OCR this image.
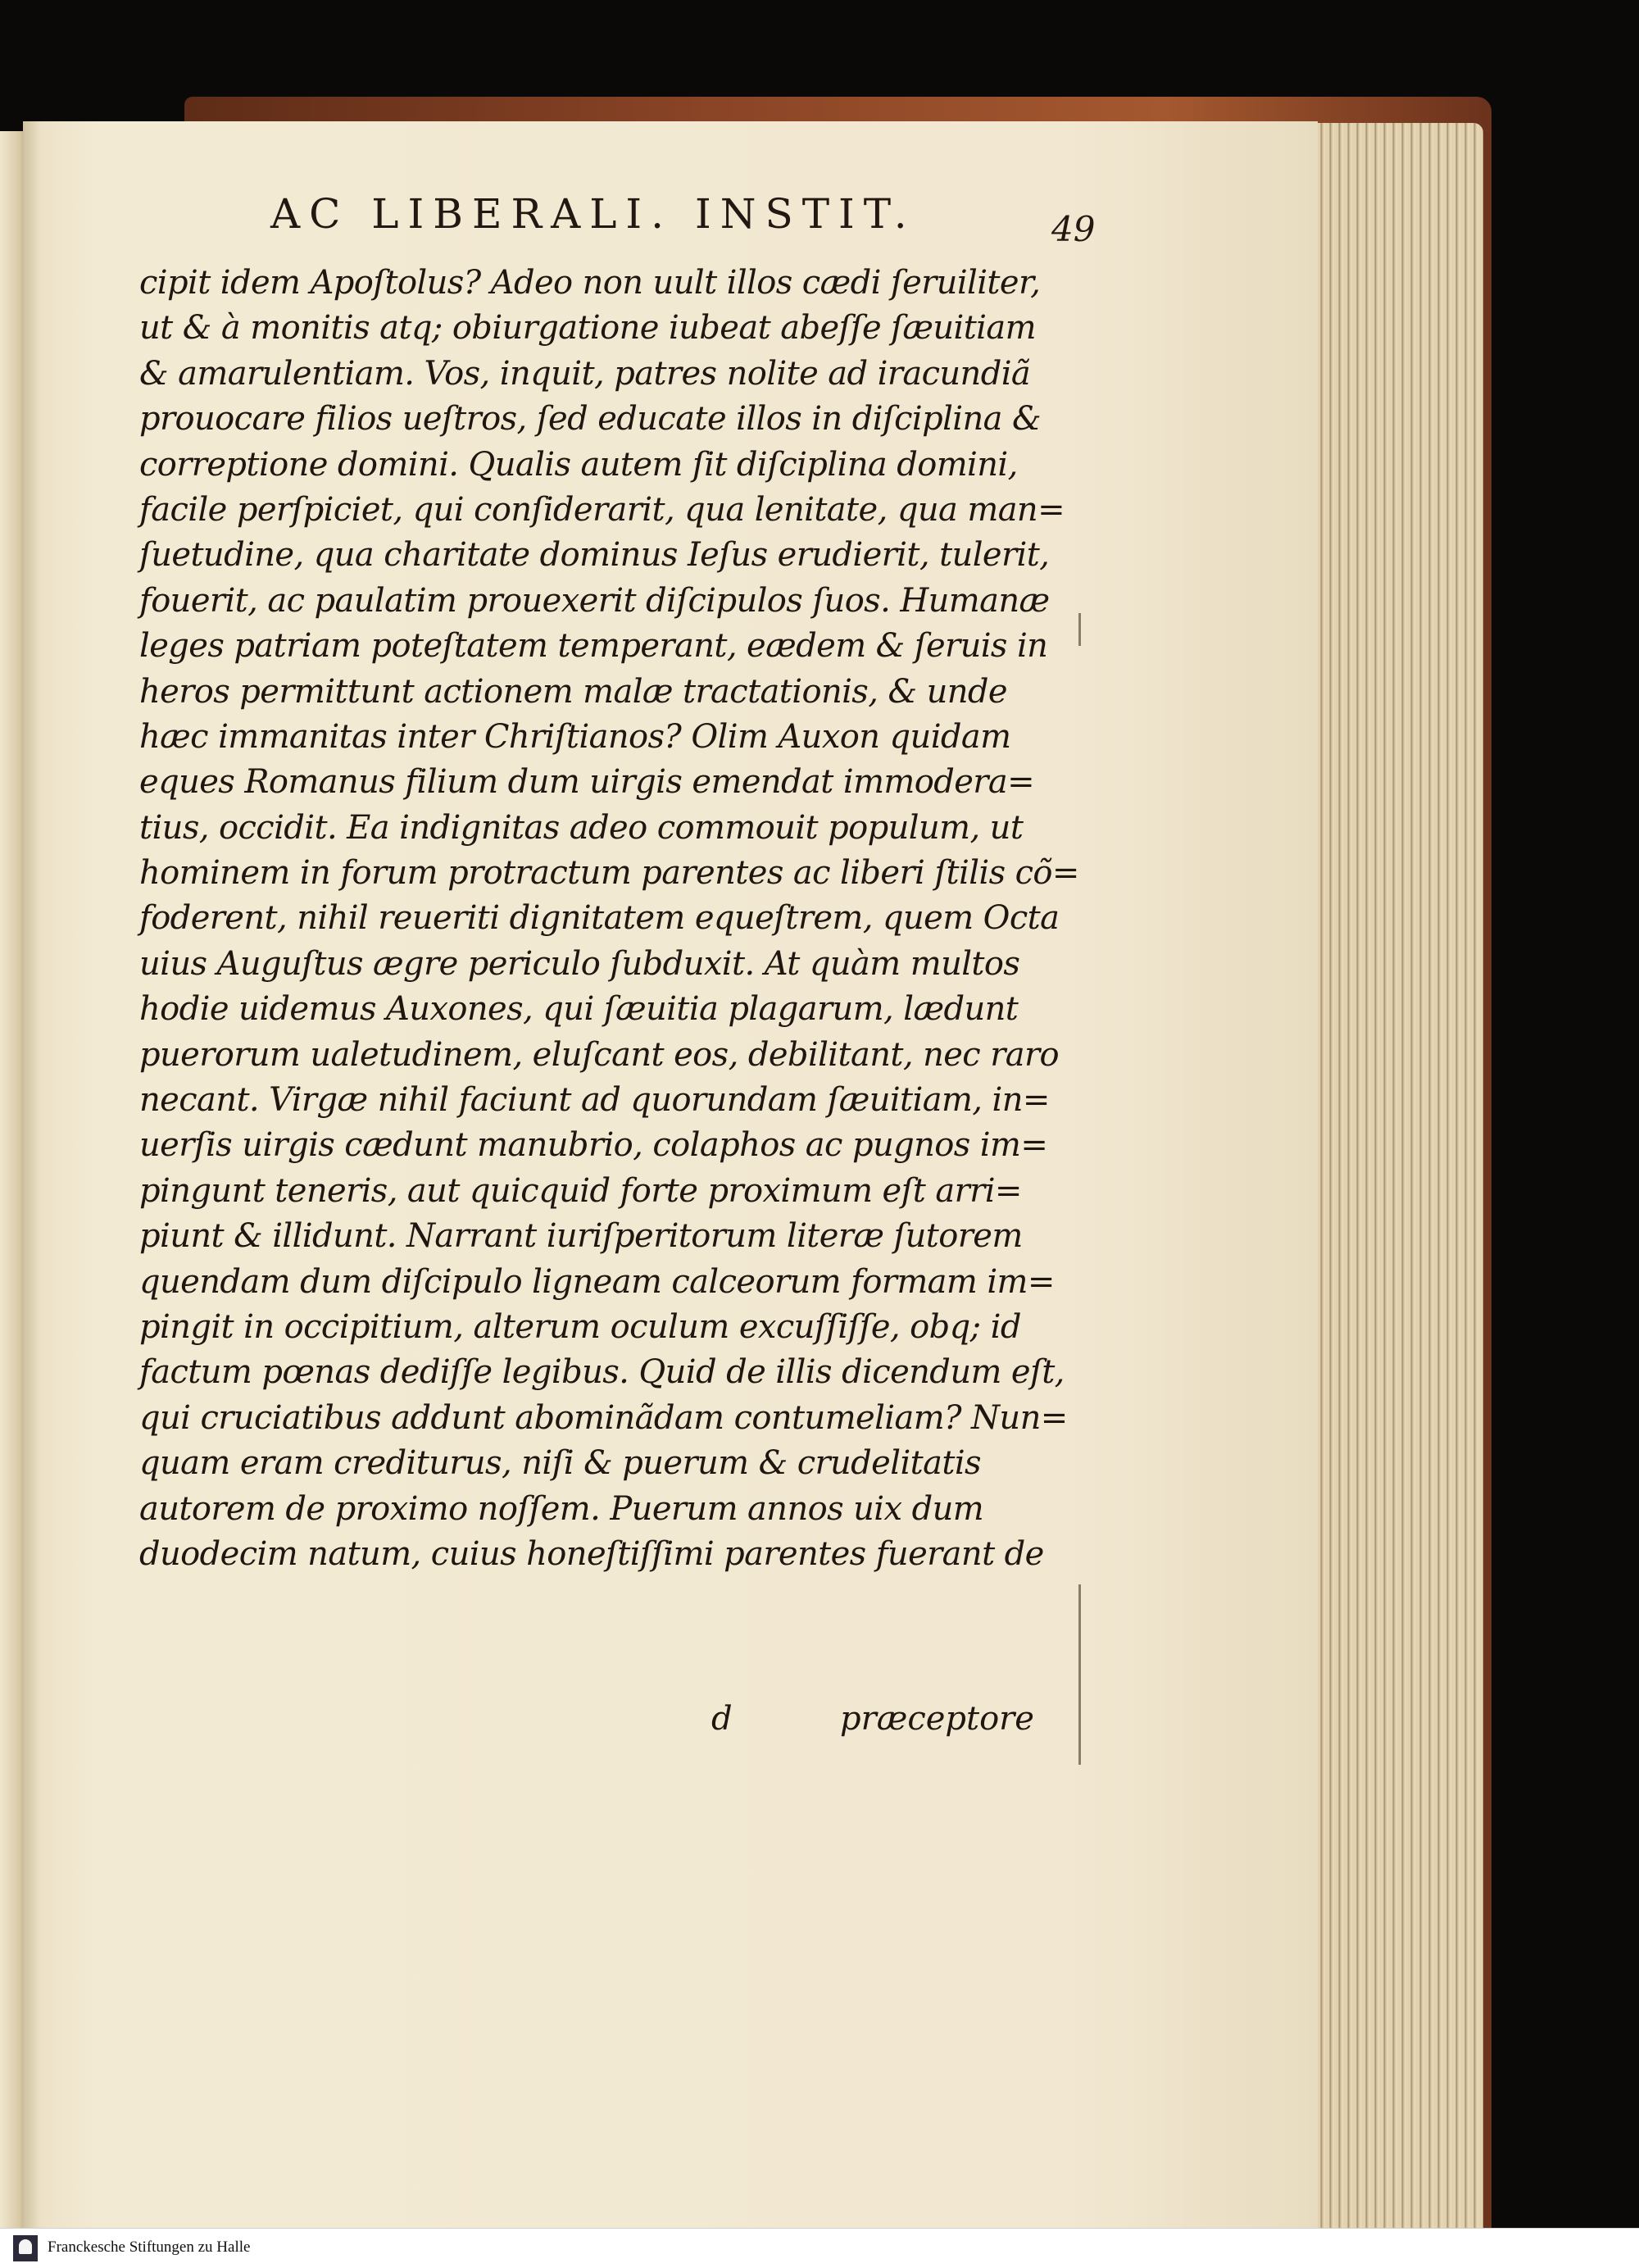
AC LIBERALI. INSTIT.	49
cipit idem Apoſtolus? Adeo non uult illos cædi ſeruiliter,
ut & à monitis atq; obiurgatione iubeat abeſſe ſæuitiam
& amarulentiam. Vos, inquit, patres nolite ad iracundiã
prouocare filios ueſtros, ſed educate illos in diſciplina &
correptione domini. Qualis autem ſit diſciplina domini,
facile perſpiciet, qui conſiderarit, qua lenitate, qua man=
ſuetudine, qua charitate dominus Ieſus erudierit, tulerit,
fouerit, ac paulatim prouexerit diſcipulos ſuos. Humanæ
leges patriam poteſtatem temperant, eædem & ſeruis in
heros permittunt actionem malæ tractationis, & unde
hæc immanitas inter Chriſtianos? Olim Auxon quidam
eques Romanus filium dum uirgis emendat immodera=
tius, occidit. Ea indignitas adeo commouit populum, ut
hominem in forum protractum parentes ac liberi ſtilis cõ=
foderent, nihil reueriti dignitatem equeſtrem, quem Octa
uius Auguſtus ægre periculo ſubduxit. At quàm multos
hodie uidemus Auxones, qui ſæuitia plagarum, lædunt
puerorum ualetudinem, eluſcant eos, debilitant, nec raro
necant. Virgæ nihil faciunt ad quorundam ſæuitiam, in=
uerſis uirgis cædunt manubrio, colaphos ac pugnos im=
pingunt teneris, aut quicquid forte proximum eſt arri=
piunt & illidunt. Narrant iuriſperitorum literæ ſutorem
quendam dum diſcipulo ligneam calceorum formam im=
pingit in occipitium, alterum oculum excuſſiſſe, obq; id
factum pœnas dediſſe legibus. Quid de illis dicendum eſt,
qui cruciatibus addunt abominãdam contumeliam? Nun=
quam eram crediturus, niſi & puerum & crudelitatis
autorem de proximo noſſem. Puerum annos uix dum
duodecim natum, cuius honeſtiſſimi parentes fuerant de
d	præceptore
Franckesche Stiftungen zu Halle
